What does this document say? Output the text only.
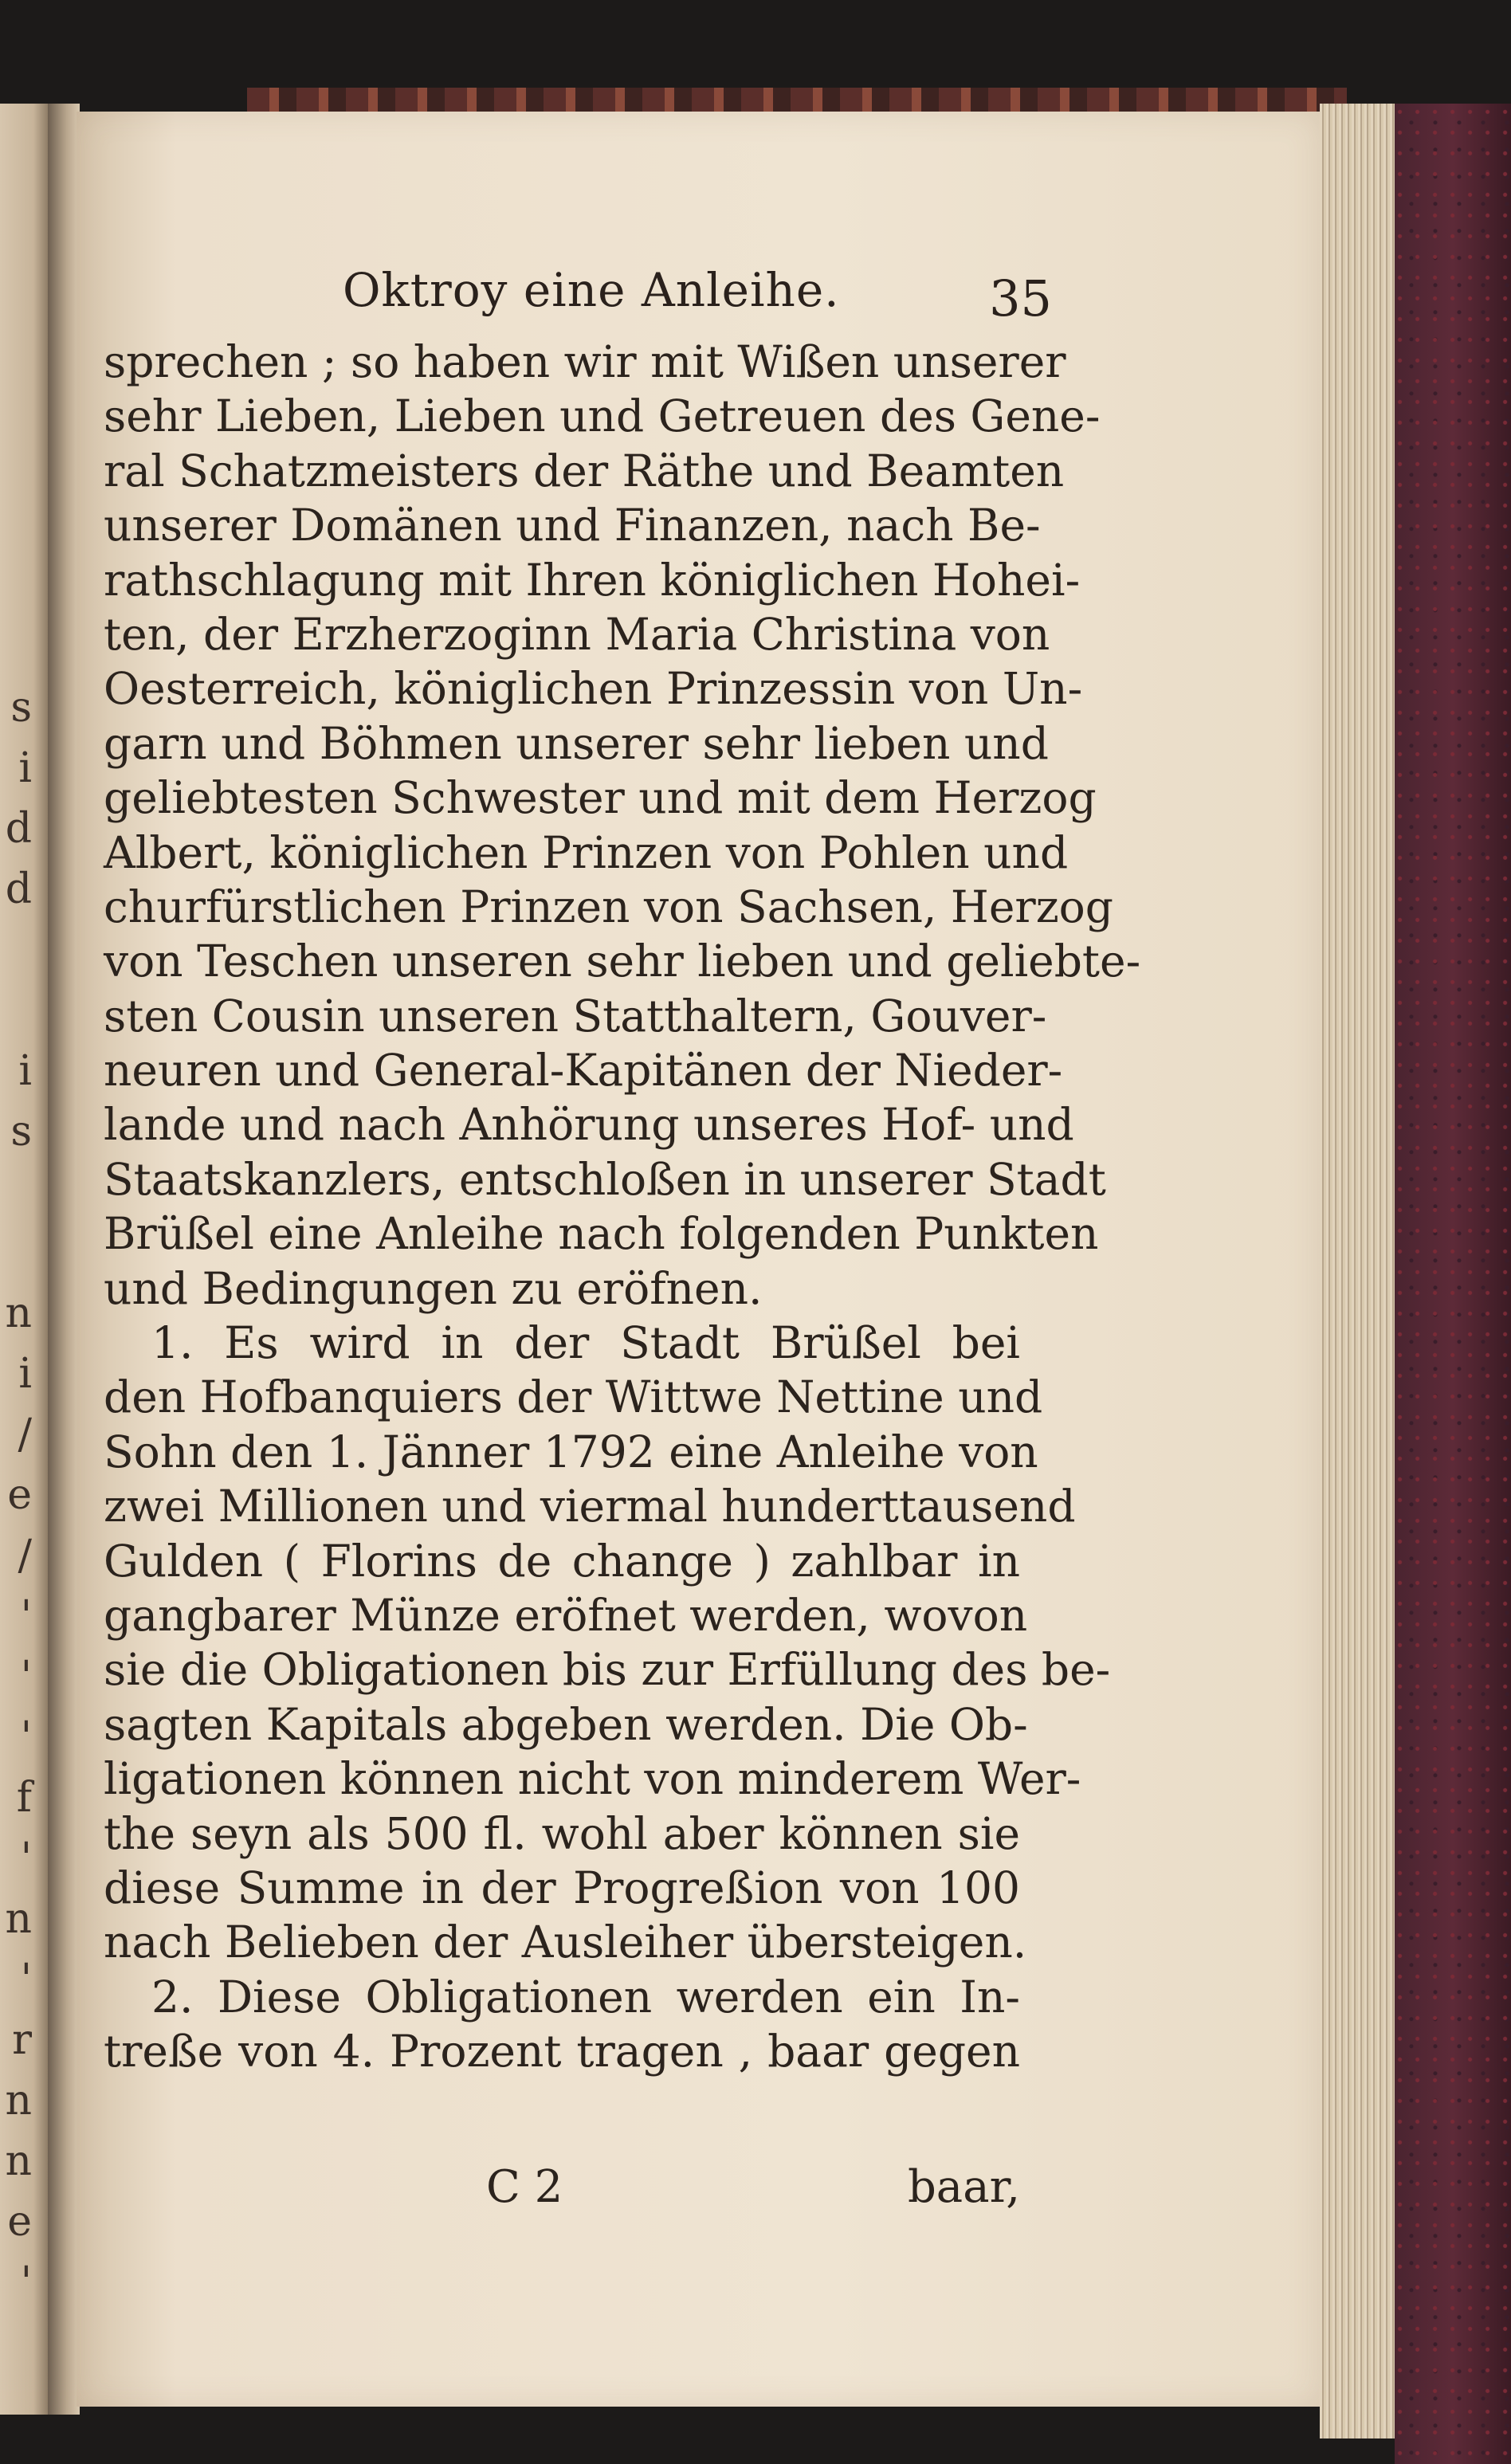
s
i
d
d

i
s

n
i
/
e
/
'
'
'
f
'
n
'
r
n
n
e
'
Oktroy eine Anleihe.	35
sprechen ; so haben wir mit Wißen unserer
sehr Lieben, Lieben und Getreuen des Gene-
ral Schatzmeisters der Räthe und Beamten
unserer Domänen und Finanzen, nach Be-
rathschlagung mit Ihren königlichen Hohei-
ten, der Erzherzoginn Maria Christina von
Oesterreich, königlichen Prinzessin von Un-
garn und Böhmen unserer sehr lieben und
geliebtesten Schwester und mit dem Herzog
Albert, königlichen Prinzen von Pohlen und
churfürstlichen Prinzen von Sachsen, Herzog
von Teschen unseren sehr lieben und geliebte-
sten Cousin unseren Statthaltern, Gouver-
neuren und General-Kapitänen der Nieder-
lande und nach Anhörung unseres Hof- und
Staatskanzlers, entschloßen in unserer Stadt
Brüßel eine Anleihe nach folgenden Punkten
und Bedingungen zu eröfnen.
1. Es wird in der Stadt Brüßel bei
den Hofbanquiers der Wittwe Nettine und
Sohn den 1. Jänner 1792 eine Anleihe von
zwei Millionen und viermal hunderttausend
Gulden ( Florins de change ) zahlbar in
gangbarer Münze eröfnet werden, wovon
sie die Obligationen bis zur Erfüllung des be-
sagten Kapitals abgeben werden. Die Ob-
ligationen können nicht von minderem Wer-
the seyn als 500 fl. wohl aber können sie
diese Summe in der Progreßion von 100
nach Belieben der Ausleiher übersteigen.
2. Diese Obligationen werden ein In-
treße von 4. Prozent tragen , baar gegen
C 2	baar,
